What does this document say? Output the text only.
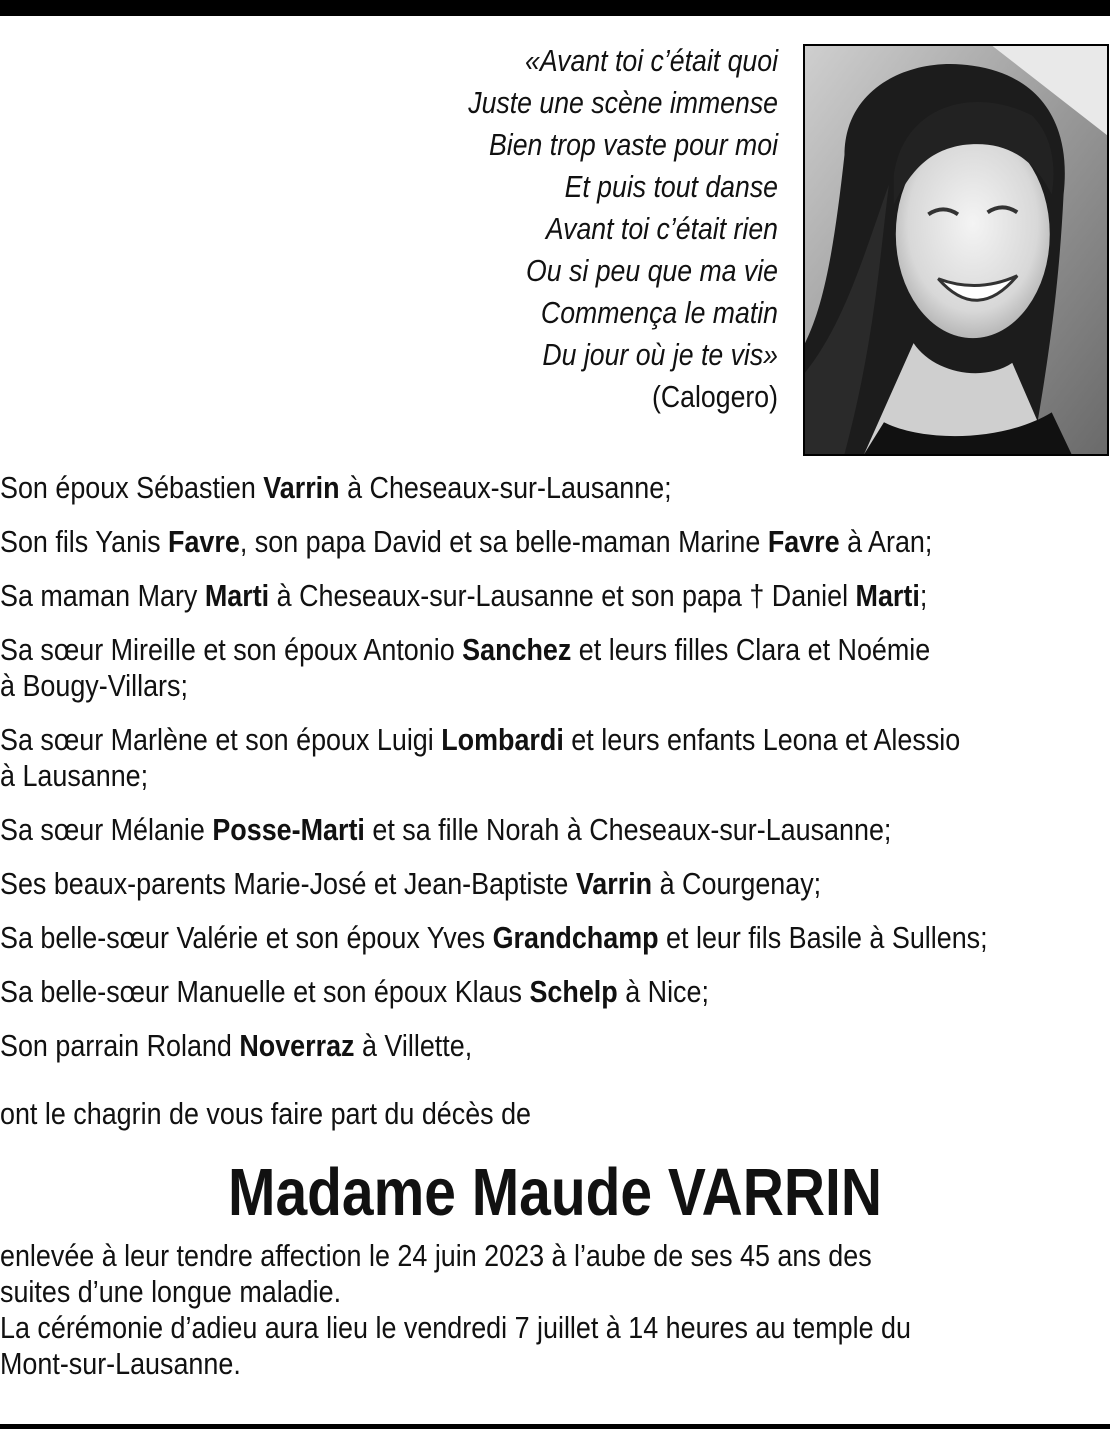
«Avant toi c’était quoi
Juste une scène immense
Bien trop vaste pour moi
Et puis tout danse
Avant toi c’était rien
Ou si peu que ma vie
Commença le matin
Du jour où je te vis»
(Calogero)
Son époux Sébastien Varrin à Cheseaux-sur-Lausanne;
Son fils Yanis Favre, son papa David et sa belle-maman Marine Favre à Aran;
Sa maman Mary Marti à Cheseaux-sur-Lausanne et son papa † Daniel Marti;
Sa sœur Mireille et son époux Antonio Sanchez et leurs filles Clara et Noémie
à Bougy-Villars;
Sa sœur Marlène et son époux Luigi Lombardi et leurs enfants Leona et Alessio
à Lausanne;
Sa sœur Mélanie Posse-Marti et sa fille Norah à Cheseaux-sur-Lausanne;
Ses beaux-parents Marie-José et Jean-Baptiste Varrin à Courgenay;
Sa belle-sœur Valérie et son époux Yves Grandchamp et leur fils Basile à Sullens;
Sa belle-sœur Manuelle et son époux Klaus Schelp à Nice;
Son parrain Roland Noverraz à Villette,
ont le chagrin de vous faire part du décès de
Madame Maude VARRIN
enlevée à leur tendre affection le 24 juin 2023 à l’aube de ses 45 ans des
suites d’une longue maladie.
La cérémonie d’adieu aura lieu le vendredi 7 juillet à 14 heures au temple du
Mont-sur-Lausanne.
